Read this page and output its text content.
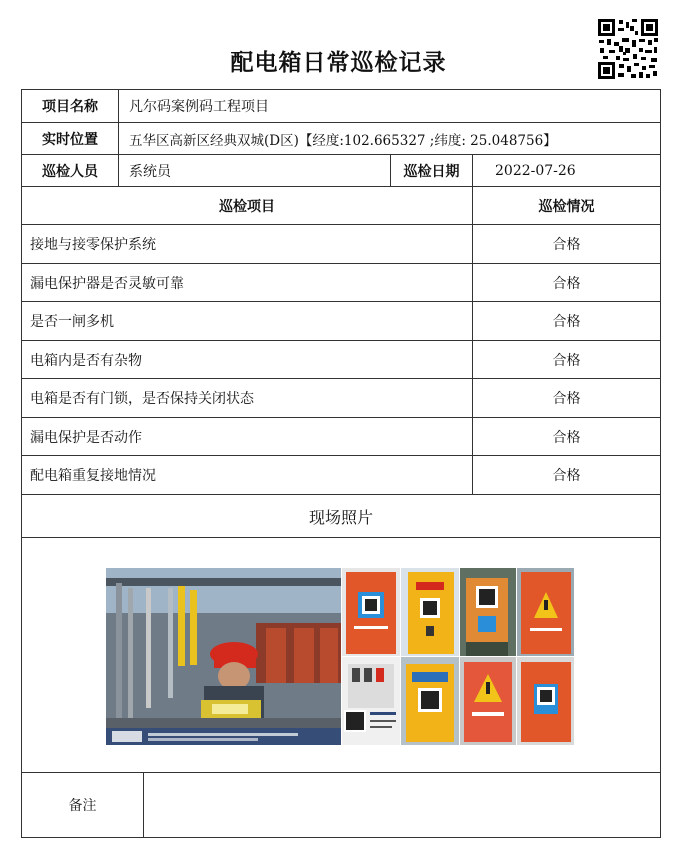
配电箱日常巡检记录
项目名称	凡尔码案例码工程项目
实时位置	五华区高新区经典双城(D区)【经度:102.665327 ;纬度: 25.048756】
巡检人员	系统员	巡检日期	2022-07-26
巡检项目	巡检情况
接地与接零保护系统	合格
漏电保护器是否灵敏可靠	合格
是否一闸多机	合格
电箱内是否有杂物	合格
电箱是否有门锁，是否保持关闭状态	合格
漏电保护是否动作	合格
配电箱重复接地情况	合格
现场照片
备注
